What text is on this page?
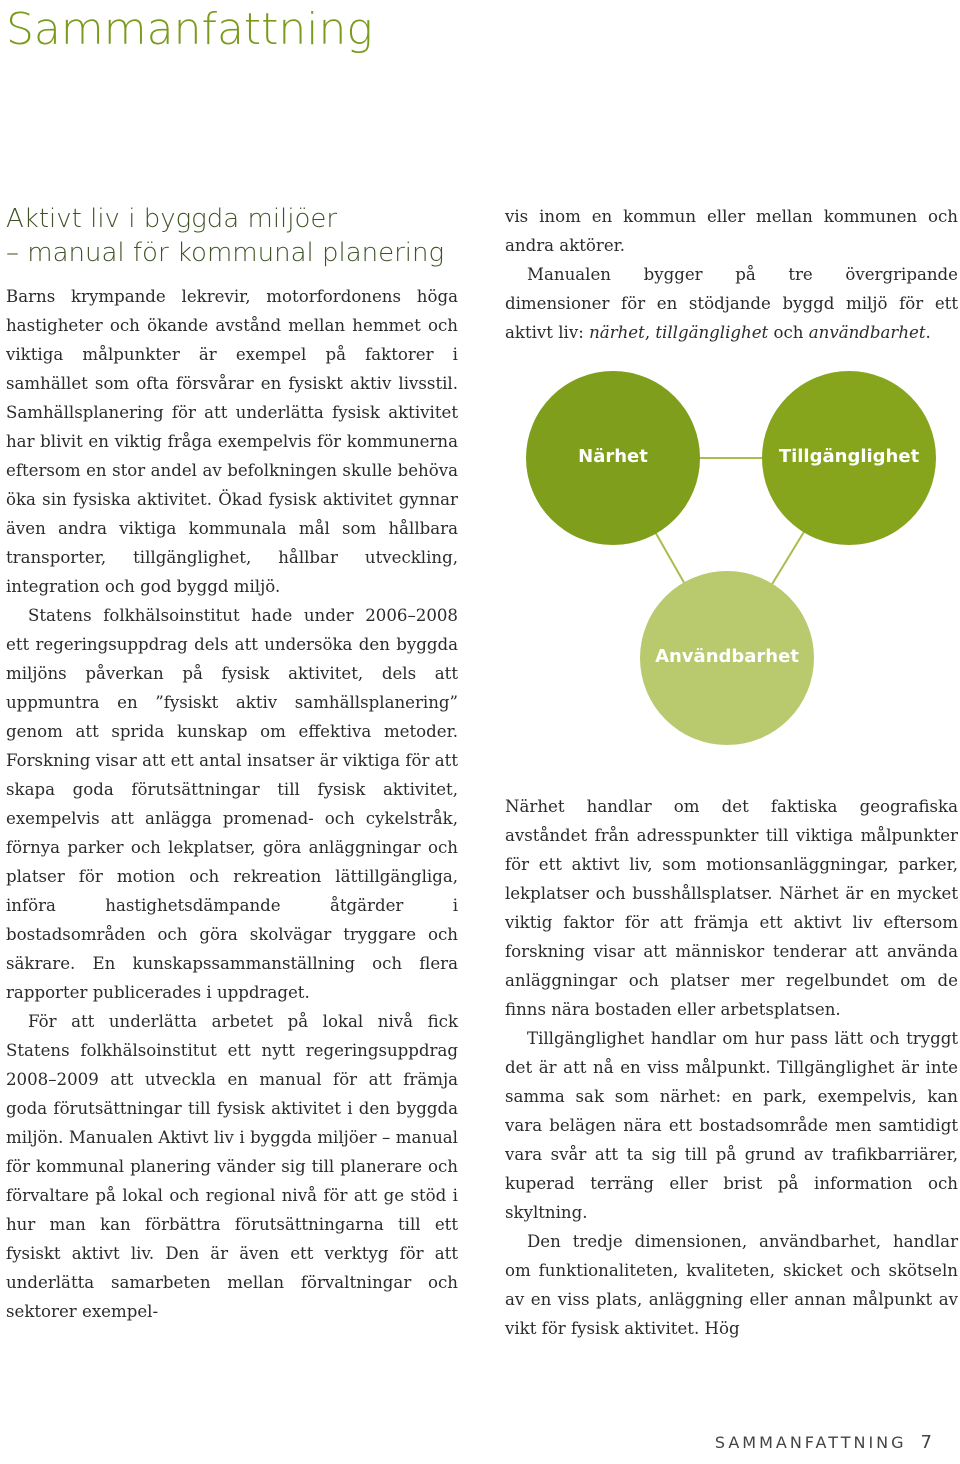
Sammanfattning
Aktivt liv i byggda miljöer
– manual för kommunal planering

Barns krympande lekrevir, motorfordonens höga hastigheter och ökande avstånd mellan hemmet och viktiga målpunkter är exempel på faktorer i samhället som ofta försvårar en fysiskt aktiv livsstil. Samhällsplanering för att underlätta fysisk aktivitet har blivit en viktig fråga exempelvis för kommunerna eftersom en stor andel av befolkningen skulle behöva öka sin fysiska aktivitet. Ökad fysisk aktivitet gynnar även andra viktiga kommunala mål som hållbara transporter, tillgänglighet, hållbar utveckling, integration och god byggd miljö.

Statens folkhälsoinstitut hade under 2006–2008 ett regeringsuppdrag dels att undersöka den byggda miljöns påverkan på fysisk aktivitet, dels att uppmuntra en ”fysiskt aktiv samhällsplanering” genom att sprida kunskap om effektiva metoder. Forskning visar att ett antal insatser är viktiga för att skapa goda förutsättningar till fysisk aktivitet, exempelvis att anlägga promenad- och cykelstråk, förnya parker och lekplatser, göra anläggningar och platser för motion och rekreation lättillgängliga, införa hastighetsdämpande åtgärder i bostadsområden och göra skolvägar tryggare och säkrare. En kunskapssammanställning och flera rapporter publicerades i uppdraget.

För att underlätta arbetet på lokal nivå fick Statens folkhälsoinstitut ett nytt regeringsuppdrag 2008–2009 att utveckla en manual för att främja goda förutsättningar till fysisk aktivitet i den byggda miljön. Manualen Aktivt liv i byggda miljöer – manual för kommunal planering vänder sig till planerare och förvaltare på lokal och regional nivå för att ge stöd i hur man kan förbättra förutsättningarna till ett fysiskt aktivt liv. Den är även ett verktyg för att underlätta samarbeten mellan förvaltningar och sektorer exempel-

vis inom en kommun eller mellan kommunen och andra aktörer.

Manualen bygger på tre övergripande dimensioner för en stödjande byggd miljö för ett aktivt liv: närhet, tillgänglighet och användbarhet.

Närhet	Tillgänglighet
Användbarhet

Närhet handlar om det faktiska geografiska avståndet från adresspunkter till viktiga målpunkter för ett aktivt liv, som motionsanläggningar, parker, lekplatser och busshållsplatser. Närhet är en mycket viktig faktor för att främja ett aktivt liv eftersom forskning visar att människor tenderar att använda anläggningar och platser mer regelbundet om de finns nära bostaden eller arbetsplatsen.

Tillgänglighet handlar om hur pass lätt och tryggt det är att nå en viss målpunkt. Tillgänglighet är inte samma sak som närhet: en park, exempelvis, kan vara belägen nära ett bostadsområde men samtidigt vara svår att ta sig till på grund av trafikbarriärer, kuperad terräng eller brist på information och skyltning.

Den tredje dimensionen, användbarhet, handlar om funktionaliteten, kvaliteten, skicket och skötseln av en viss plats, anläggning eller annan målpunkt av vikt för fysisk aktivitet. Hög

SAMMANFATTNING 7
